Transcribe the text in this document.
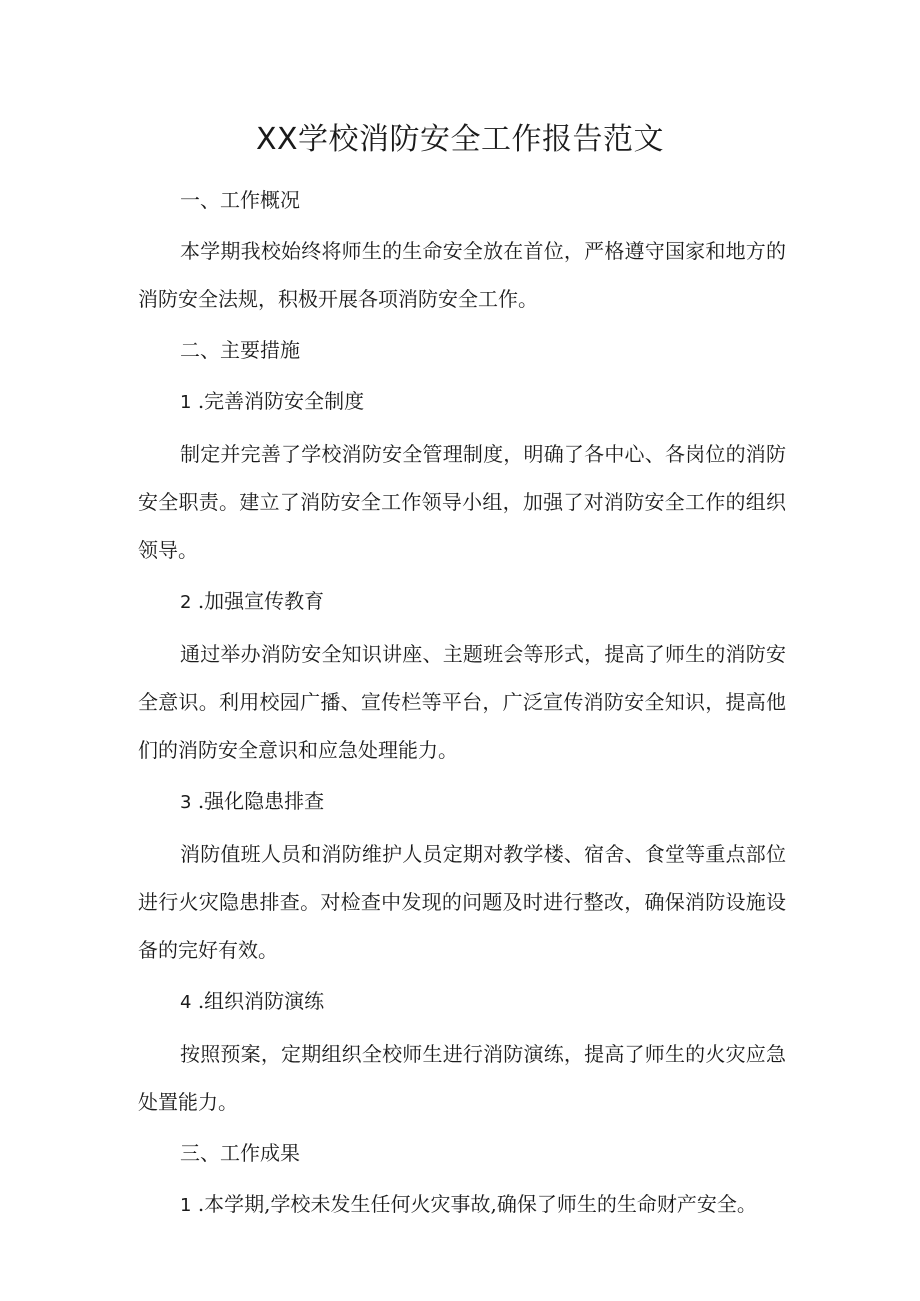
XX学校消防安全工作报告范文

一、工作概况

本学期我校始终将师生的生命安全放在首位，严格遵守国家和地方的消防安全法规，积极开展各项消防安全工作。

二、主要措施

1 .完善消防安全制度

制定并完善了学校消防安全管理制度，明确了各中心、各岗位的消防安全职责。建立了消防安全工作领导小组，加强了对消防安全工作的组织领导。

2 .加强宣传教育

通过举办消防安全知识讲座、主题班会等形式，提高了师生的消防安全意识。利用校园广播、宣传栏等平台，广泛宣传消防安全知识，提高他们的消防安全意识和应急处理能力。

3 .强化隐患排查

消防值班人员和消防维护人员定期对教学楼、宿舍、食堂等重点部位进行火灾隐患排查。对检查中发现的问题及时进行整改，确保消防设施设备的完好有效。

4 .组织消防演练

按照预案，定期组织全校师生进行消防演练，提高了师生的火灾应急处置能力。

三、工作成果

1 .本学期,学校未发生任何火灾事故,确保了师生的生命财产安全。
